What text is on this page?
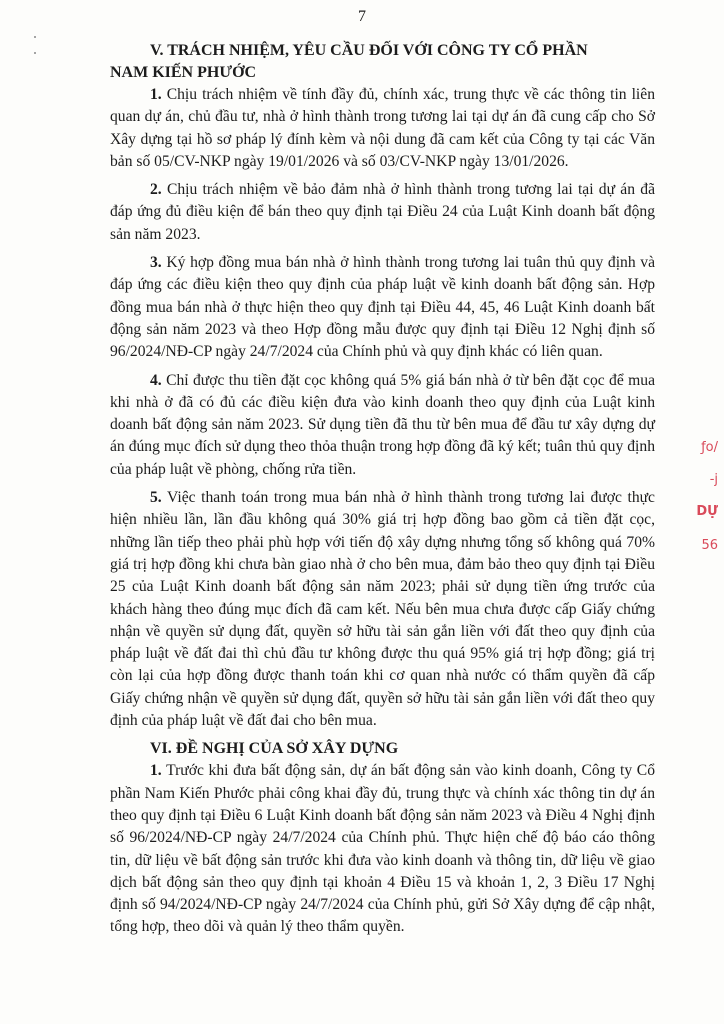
7
V. TRÁCH NHIỆM, YÊU CẦU ĐỐI VỚI CÔNG TY CỔ PHẦN
NAM KIẾN PHƯỚC

1. Chịu trách nhiệm về tính đầy đủ, chính xác, trung thực về các thông tin liên quan dự án, chủ đầu tư, nhà ở hình thành trong tương lai tại dự án đã cung cấp cho Sở Xây dựng tại hồ sơ pháp lý đính kèm và nội dung đã cam kết của Công ty tại các Văn bản số 05/CV-NKP ngày 19/01/2026 và số 03/CV-NKP ngày 13/01/2026.

2. Chịu trách nhiệm về bảo đảm nhà ở hình thành trong tương lai tại dự án đã đáp ứng đủ điều kiện để bán theo quy định tại Điều 24 của Luật Kinh doanh bất động sản năm 2023.

3. Ký hợp đồng mua bán nhà ở hình thành trong tương lai tuân thủ quy định và đáp ứng các điều kiện theo quy định của pháp luật về kinh doanh bất động sản. Hợp đồng mua bán nhà ở thực hiện theo quy định tại Điều 44, 45, 46 Luật Kinh doanh bất động sản năm 2023 và theo Hợp đồng mẫu được quy định tại Điều 12 Nghị định số 96/2024/NĐ-CP ngày 24/7/2024 của Chính phủ và quy định khác có liên quan.

4. Chỉ được thu tiền đặt cọc không quá 5% giá bán nhà ở từ bên đặt cọc để mua khi nhà ở đã có đủ các điều kiện đưa vào kinh doanh theo quy định của Luật kinh doanh bất động sản năm 2023. Sử dụng tiền đã thu từ bên mua để đầu tư xây dựng dự án đúng mục đích sử dụng theo thỏa thuận trong hợp đồng đã ký kết; tuân thủ quy định của pháp luật về phòng, chống rửa tiền.

5. Việc thanh toán trong mua bán nhà ở hình thành trong tương lai được thực hiện nhiều lần, lần đầu không quá 30% giá trị hợp đồng bao gồm cả tiền đặt cọc, những lần tiếp theo phải phù hợp với tiến độ xây dựng nhưng tổng số không quá 70% giá trị hợp đồng khi chưa bàn giao nhà ở cho bên mua, đảm bảo theo quy định tại Điều 25 của Luật Kinh doanh bất động sản năm 2023; phải sử dụng tiền ứng trước của khách hàng theo đúng mục đích đã cam kết. Nếu bên mua chưa được cấp Giấy chứng nhận về quyền sử dụng đất, quyền sở hữu tài sản gắn liền với đất theo quy định của pháp luật về đất đai thì chủ đầu tư không được thu quá 95% giá trị hợp đồng; giá trị còn lại của hợp đồng được thanh toán khi cơ quan nhà nước có thẩm quyền đã cấp Giấy chứng nhận về quyền sử dụng đất, quyền sở hữu tài sản gắn liền với đất theo quy định của pháp luật về đất đai cho bên mua.

VI. ĐỀ NGHỊ CỦA SỞ XÂY DỰNG

1. Trước khi đưa bất động sản, dự án bất động sản vào kinh doanh, Công ty Cổ phần Nam Kiến Phước phải công khai đầy đủ, trung thực và chính xác thông tin dự án theo quy định tại Điều 6 Luật Kinh doanh bất động sản năm 2023 và Điều 4 Nghị định số 96/2024/NĐ-CP ngày 24/7/2024 của Chính phủ. Thực hiện chế độ báo cáo thông tin, dữ liệu về bất động sản trước khi đưa vào kinh doanh và thông tin, dữ liệu về giao dịch bất động sản theo quy định tại khoản 4 Điều 15 và khoản 1, 2, 3 Điều 17 Nghị định số 94/2024/NĐ-CP ngày 24/7/2024 của Chính phủ, gửi Sở Xây dựng để cập nhật, tổng hợp, theo dõi và quản lý theo thẩm quyền.

ƒo/
-j
DỰ
56
